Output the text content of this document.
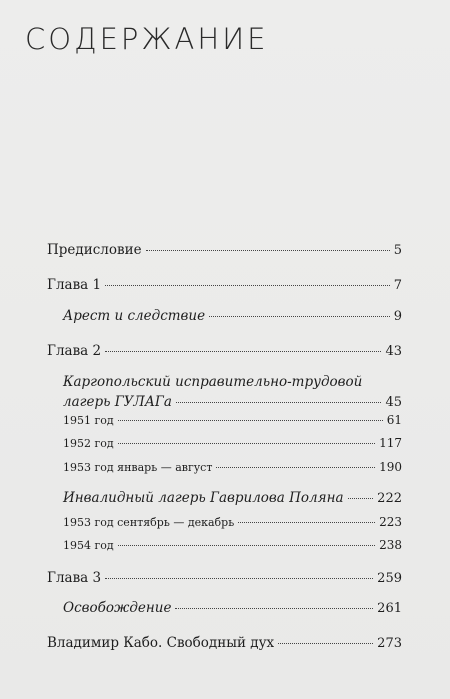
СОДЕРЖАНИЕ
Предисловие	5
Глава 1	7
Арест и следствие	9
Глава 2	43
Каргопольский исправительно-трудовой
лагерь ГУЛАГа	45
1951 год	61
1952 год	117
1953 год январь — август	190
Инвалидный лагерь Гаврилова Поляна	222
1953 год сентябрь — декабрь	223
1954 год	238
Глава 3	259
Освобождение	261
Владимир Кабо. Свободный дух	273
